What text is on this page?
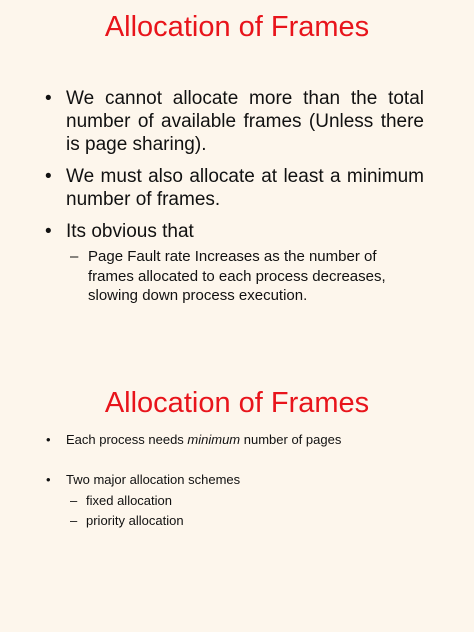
Allocation of Frames
• We cannot allocate more than the total number of available frames (Unless there is page sharing).
• We must also allocate at least a minimum number of frames.
• Its obvious that
– Page Fault rate Increases as the number of frames allocated to each process decreases, slowing down process execution.
Allocation of Frames
• Each process needs minimum number of pages
• Two major allocation schemes
– fixed allocation
– priority allocation
